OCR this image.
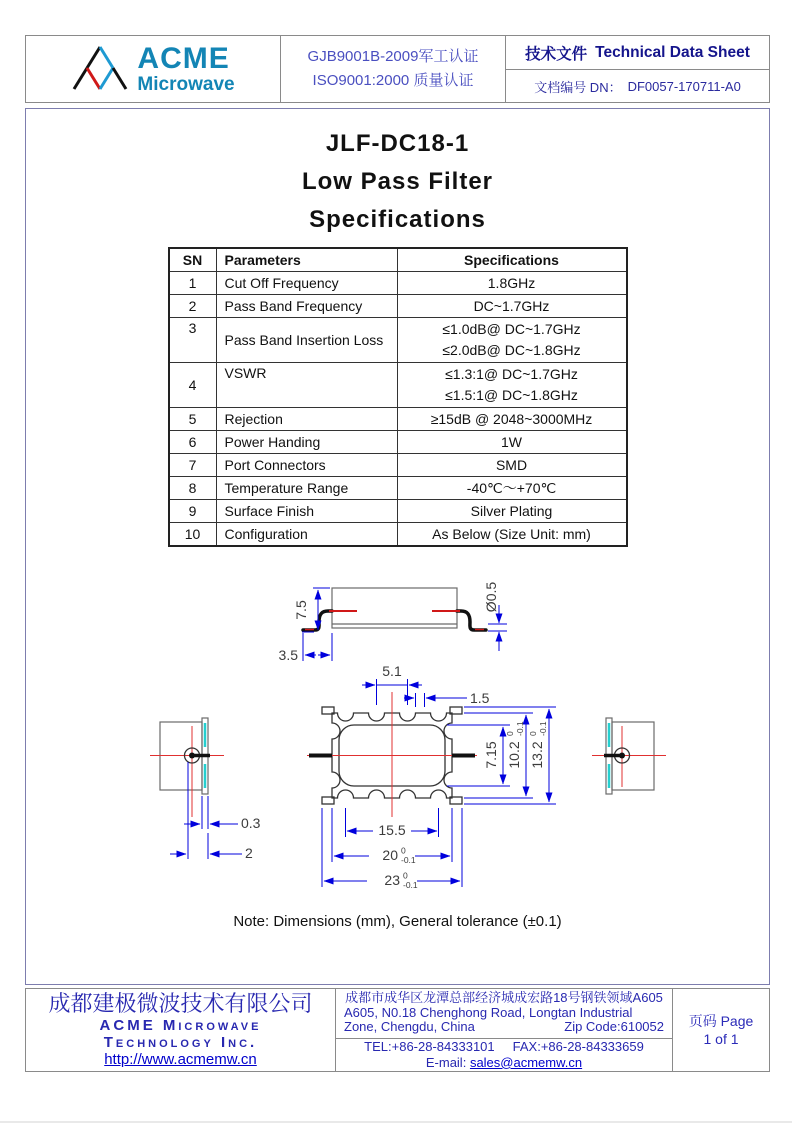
ACME
Microwave
GJB9001B-2009军工认证
ISO9001:2000 质量认证
技术文件 Technical Data Sheet
文档编号 DN： DF0057-170711-A0
JLF-DC18-1
Low Pass Filter
Specifications
SN	Parameters	Specifications
1	Cut Off Frequency	1.8GHz
2	Pass Band Frequency	DC~1.7GHz
3	Pass Band Insertion Loss	≤1.0dB@ DC~1.7GHz
≤2.0dB@ DC~1.8GHz

4	VSWR	≤1.3:1@ DC~1.7GHz
≤1.5:1@ DC~1.8GHz

5	Rejection	≥15dB @ 2048~3000MHz
6	Power Handing	1W
7	Port Connectors	SMD
8	Temperature Range	-40℃～+70℃
9	Surface Finish	Silver Plating
10	Configuration	As Below (Size Unit: mm)
7.5
3.5
Ø0.5
5.1
1.5
7.15 10.2
0 -0.1
13.2
0 -0.1
15.5
20 0
-0.1
23 0
-0.1
0.3
2
Note: Dimensions (mm), General tolerance (±0.1)
成都建极微波技术有限公司
ACME Microwave
Technology Inc.
http://www.acmemw.cn
成都市成华区龙潭总部经济城成宏路18号钢铁领域A605
A605, N0.18 Chenghong Road, Longtan Industrial
Zone, Chengdu, China	Zip Code:610052
TEL:+86-28-84333101 FAX:+86-28-84333659
E-mail: sales@acmemw.cn
页码 Page
1 of 1
